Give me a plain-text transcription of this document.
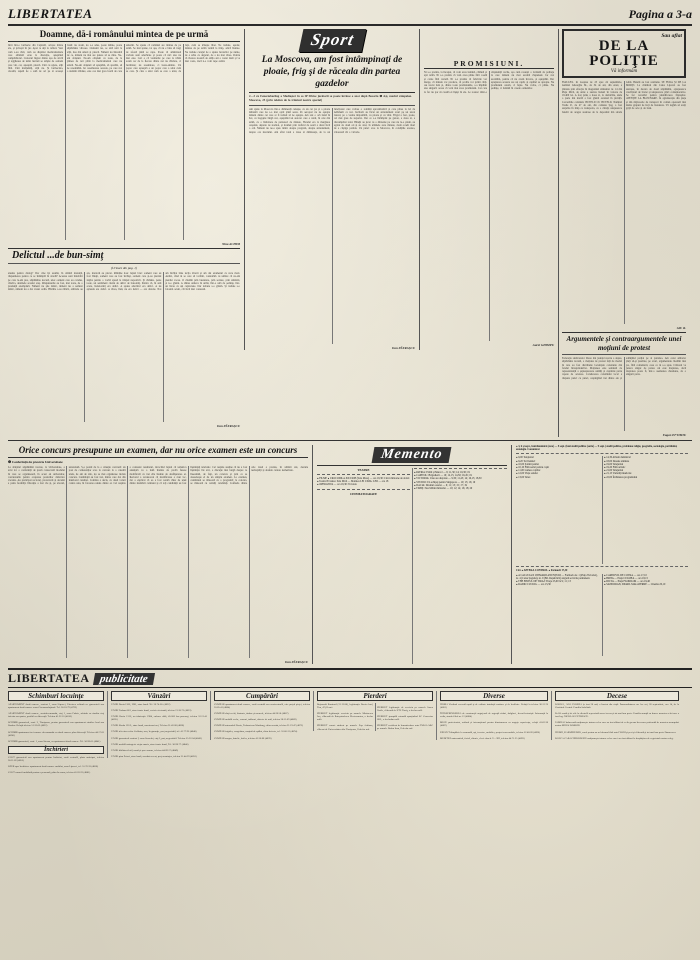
LIBERTATEA	Pagina a 3-a
Doamne, dă-i românului mintea de pe urmă
Intri într-o farmacie din Capitală, oricare dintre ele, şi priveşti în jur. Apoi te uiţi la rafturi. Vezi cum s-au rărit, cum au dispărut medicamentele care altădată erau la discreţie, aşteptând cumpărătorul. Culoarul îngust dintre uşa de sticlă şi tejgheaua de lemn lustruit se umple de oameni care vin, cer, aşteaptă, pleacă. Unii cu reţete, alţii fără. Unii mulţumiţi, alţii nu. Şi farmacista, obosită, repetă de o sută de ori pe zi aceeaşi frază: nu avem, nu s-a adus, poate mâine, poate săptămâna viitoare. Oamenii ies, se uită unii la alţii, dau din umeri şi pleacă. Nimeni nu întreabă de ce, nimeni nu mai are putere să se mire. Ne-am obişnuit. Ne-am obişnuit cu toate, de la pâinea de ieri până la medicamentul care nu există. Ne-am obişnuit să aşteptăm, să sperăm, să ne resemnăm. Iar resemnarea aceasta, pe care noi o numim răbdare, este cea mai grea boală de care suferim. Se spune că românul are mintea de pe urmă. Se mai spune, tot aşa, că nu e bine să tragi de sfoară până se rupe. Poate că amândouă vorbele sunt adevărate şi poate că nici una nu mai este. Cert e că vremurile pe care le trăim acum cer de la fiecare dintre noi nu răbdare, ci luciditate; nu resemnare, ci luare-aminte. Un popor care aşteaptă e un popor care a uitat cum se cere. Şi cine a uitat cum se cere a uitat, de fapt, cum se trăieşte liber. Ne trebuie, aşadar, mintea de pe urmă venită la timp, adică înainte. Ne trebuie curajul de a spune lucrurilor pe nume, de a arăta cu degetul, de a nu mai tăcea. Pentru că tăcerea noastră de atâţia ani a costat mult şi va mai costa, dacă n-o vom rupe astăzi.
Nina ACHIM
Delictul ...de bun-simţ
(Urmare din pag. 1)
anume pentru dialog? Dar cine îşi asumă, în ultimă instanţă, răspunderea pentru ce se întâmplă în stradă? Acestea sunt întrebări pe care le-am pus, săptămâna trecută, unor oameni care au condus, cândva, destinele acestui oraş. Răspunsurile au fost, mai toate, de o prudenţă exemplară. Nimeni nu ştie nimic, nimeni nu a semnat nimic, nimeni nu a dat vreun ordin. Hârtiile s-au rătăcit, arhivele au ars, martorii au plecat. Rămâne doar faptul brut: oameni care au fost bătuţi, oameni care au fost închişi, oameni care şi-au pierdut slujba pentru o vorbă spusă la timpul nepotrivit. Şi rămâne, peste toate, un sentiment ciudat de delict de bun-simţ. Pentru că, în anii aceia, bunul-simţ era delict. A spune adevărul era delict. A nu aplauda era delict. A tăcea, însă, nu era delict — era datorie. Noi am învăţat bine lecţia tăcerii şi am dat examenul cu note mari. Astăzi, când ni se cere să vorbim, constatăm cu uimire că ne-am pierdut vocea. O căutăm prin buzunare, prin sertare, prin amintiri, şi n-o găsim. A rămas undeva în urmă, într-o sală de şedinţe, într-un birou cu uşi capitonate. Dar trebuie s-o găsim. Şi trebuie s-o folosim acum, cât încă mai contează.
Dan PĂTRAŞCU
Sport
La Moscova, am fost întâmpinaţi de ploaie, frig şi de răceala din partea gazdelor
2—3 cu Feneciobazilag a Mediaşter în sa IP Divise jucătorii se poate învinse o snot după Bosaria ❶ Aşi, meciul câmpelon. Moscova, 25 (prin telefon de la trimisul nostru special)
Am ajuns la Moscova într-o dimineaţă cenuşie, cu un cer jos şi o ploaie măruntă care nu s-a mai oprit până seara. Pe aeroport nu ne aştepta nimeni dintre cei care ar fi trebuit să ne aştepte. Am stat o oră bună în hol, cu bagajele lângă noi, aşteptând un autocar care a venit, în cele din urmă, cu o întârziere de patruzeci de minute. Hotelul era la marginea oraşului, departe de stadion, şi drumul prin traficul de seară a durat încă o oră. Nimeni nu ne-a spus nimic despre program, despre antrenament, despre ora meciului. Am aflat totul a doua zi dimineaţa, de la un funcţionar care vorbea o română aproximativă şi care părea la fel de nelămurit ca noi. Jucătorii au făcut un antrenament scurt pe un teren lateral, pe o vreme imposibilă, cu ploaie şi cu vânt. Frigul a fost, poate, cel mai greu de suportat. Dar ce s-a întâmplat pe gazon, a doua zi, a răscumpărat totul. Băieţii au jucat cu o dârzenie pe care nu le-o ştiam, au egalat de două ori şi au avut, în ultimele zece minute, două ocazii mari de a câştiga partida. Un punct scos la Moscova, în condiţiile acestea, valorează cât o victorie.
Dan PĂTRAŞCU
PROMISIUNI.
Ni s-a promis, la început, că vom avea lumină, căldură şi apă caldă. Ni s-a promis că vom avea pâine fără coadă şi carne fără cartelă. Ni s-a promis că fabricile vor merge, că minele vor produce, că şcolile vor primi cărţi. Au trecut luni şi, dintre toate promisiunile, s-a împlinit una singură: aceea că vom mai avea promisiuni. Cei care le fac nu par să creadă ei înşişi în ele. Le rostesc dintr-o obişnuinţă veche, aşa cum rosteşti o formulă de politeţe la care nimeni nu mai ascultă răspunsul. Iar noi ascultăm, pentru că nu avem încotro, şi aşteptăm. Dar aşteptarea aceasta are un capăt, şi capătul se apropie. Nu promisiuni cerem, ci fapte. Nu vorbe, ci pâine. Nu şedinţe, ci lumină în casele oamenilor.
Aurel GHIMPU
Sau aflat
DE LA POLIŢIE
Vă informăm
FIAT-LEX. În noaptea de 23 spre 24 septembrie, numitul Gheorghe M., de 34 de ani, din Arad, a pătruns prin efracţie în magazinul alimentar nr. 14 din Piaţa Mică, de unde a sustras bunuri în valoare de 18.400 lei. A fost prins a doua zi, la domiciliu, unde o parte din marfă a fost găsită ascunsă în pivniţă. Cercetările continuă. BUTELII CU BUTELII. Numitul Vasile P., de 47 de ani, din comuna Şag, a fost surprins în timp ce transporta, cu o căruţă, unsprezece butelii de aragaz sustrase de la depozitul din strada Gării. Butelii au fost restituite. SE FURĂ ŞI DE LA MORŢI. La cimitirul din Calea Lipovei au fost sustrase, în decurs de două săptămâni, optsprezece crucifixuri de bronz şi unsprezece plăci comemorative. Se fac cercetări pentru identificarea făptaşilor. ATENŢIE LA BUZUNARE. În aglomeraţia din pieţe şi din mijloacele de transport în comun operează mai multe grupuri de hoţi de buzunare. Vă rugăm să aveţi grijă de acte şi de bani.
GH. R.
Argumentele şi contraargumentele unei moţiuni de protest
Federaţia sindicatelor libere din judeţul nostru a depus, săptămâna trecută, o moţiune de protest faţă de modul în care au fost distribuite locuinţele construite din fondul întreprinderilor. Moţiunea este semnată de reprezentanţii a şaptesprezece unităţi şi cuprinde patru capete de acuzare. Conducerea consiliului local a răspuns punct cu punct, respingând trei dintre ele şi admiţând parţial pe al patrulea. Am cerut ambelor părţi să-şi prezinte, pe scurt, argumentele. Redăm mai jos, fără comentarii, ceea ce ni s-a spus. Cititorul va judeca singur de partea cui este dreptatea, dacă dreptatea poate fi, într-o asemenea chestiune, de o singură parte.
Eugen EFTIMIU
Orice concurs presupune un examen, dar nu orice examen este un concurs
❶ Conferinţă de presă la Universitate
La sfârşitul săptămânii trecute, la Universitate, a avut loc o conferinţă de presă consacrată modului în care se organizează, în acest an universitar, concursurile pentru ocuparea posturilor didactice vacante. Au participat rectorul, prorectorii şi decanii a patru facultăţi. Discuţia a fost vie şi, pe alocuri, tensionată. S-a pornit de la o situaţie concretă: un post de conferenţiar scos la concurs la o catedră unde, de ani de zile, nu se mai organizase niciun concurs. Candidaţii au fost trei, dintre care doi din interiorul catedrei. Comisia a decis, cu două voturi contra unu, în favoarea unuia dintre ei. Cel respins a contestat rezultatul, invocând faptul că tematica anunţată cu o lună înainte de probă fusese modificată cu trei zile înainte de desfăşurarea ei. Rectorul a recunoscut că modificarea a avut loc, dar a explicat că ea a fost cerută chiar de unul dintre membrii comisiei şi că toţi candidaţii au fost înştiinţaţi telefonic. Cel respins susţine că nu a fost înştiinţat. De aici, o discuţie mai lungă despre ce înseamnă, de fapt, un concurs şi prin ce se deosebeşte el de un simplu examen. La examen, candidatul se măsoară cu o programă; la concurs, se măsoară cu ceilalţi candidaţi. Confuzia dintre cele două a produs, în ultimii ani, destule nedreptăţi şi destule cariere nemeritate.
Dan PĂTRAŞCU
Memento
TEATRE
● FILME ● CROCODILA JOCURIE (Sala Mare) — ora 19,30: Cinci milioane de dolari
● Teatrul Ecranas: Sala Mică — Matinea LEI CIMA: LEII — ora 18
● OPERATIVA — ora 19,30: Traviata
CINEMATOGRAFE
● PATRIA: Edith şi Marcel — 9; 11,30; 14; 16,30; 19
● CAPITOL: Brigadierii — 10; 12,15; 14,30; 16,45; 19
● VICTORIA: Cine are dreptate — 9,30; 11,45; 14; 16,15; 18,30
● STUDIO: Un echipaj pentru Singapore — 10; 13; 16; 19
● DACIA: Drumul oaselor — 9; 11; 13; 15; 17; 19
● TIMIŞ: Nea Mărin miliardar — 10; 12; 14; 16; 18; 20
● 3, 6 şi sept., luni/duminică (zece) — 9 sept. (luni studii politice (serie) — 9 sept.) studii politice, probleme religie, geografie, sociologie, partidului, antologie. Comunicat
● 9,00 Telejurnal
● 9,20 Tot înainte!
● 10,00 Şoimii patriei
● 10,10 Film serial pentru copii
● 11,00 Lumea copiilor
● 12,00 Viaţa satului
● 13,00 Telex
● 14,30 Album duminical
● 18,00 Desene animate
● 19,00 Telejurnal
● 19,20 Film artistic
● 21,00 Telejurnal
● 21,15 Varietăţi muzicale
● 22,00 Închiderea programului
Circ ● APTEKA CONTROL ● Farmacii 17,30
● A CALUCIA II OTIMĂRII ANUNŢURI — Farmacia nr. 1 (Piaţa Victoriei), nr. 4 (Calea Şagului), nr. 9 (Bd. Republicii) asigură serviciu permanent.
● THE BISTUL DE TIRAJ: Tiraje 23,00 la 9; 11; 13
● RADIO CUCIOG — ora 13,30
● CARNOVIL DE COTRĂ — ora 17,10
● BRITA — Piaţa CULMEA — ora 18,15
● DICTA — Piaţa FLORILOR — ora 19,40
● SANDORAN, DIGRIL MALATERRE — Cinema 20,10
LIBERTATEA publicitate
Schimburi locuinţe
APARTAMENT două camere, confort I, zona Lipovei, Efectuez schimb cu garsonieră sau apartament două camere zona Circumvalaţiunii. Tel. 36.18.79 (4793)
APARTAMENT două camere, semidecomandat, etaj 1, zona Fabric, schimb cu similar etaj inferior sau parter, posibil cu diferenţă. Telefon 41.22.10 (4810)
SCHIMB garsonieră, conf. 2, Timişoara, pentru garsonieră sau apartament similar Arad sau Oradea. Relaţii telefon 51.33.62 (4822)
SCHIMB apartament trei camere decomandat cu două camere plus diferenţă. Telefon 44.17.05 (4836)
SCHIMB garsonieră, conf. 1, zona Steaua, cu apartament două camere. Tel. 56.90.61 (4841)
Închirieri
CAUT garsonieră sau apartament pentru închiriat, zonă centrală, plata anticipat, telefon 36.11.82 (4855)
OFER spre închiriere apartament două camere mobilat, zona Lipovei, tel. 51.70.33 (4858)
CAUT cameră mobilată pentru o persoană, plata în avans, telefon 41.03.22 (4861)
Vânzări
VÂND Dacia 1300, 1981, stare bună. Tel. 30.74.56. (4832)
VÂND Trabant 601, stare foarte bună, revizie efectuată, telefon 21.18.73 (4833)
VÂND Dacia 1310, an fabricaţie 1984, culoare albă, 45.000 km parcurşi, telefon 52.21.41 (4835)
VÂND Skoda 120 L, stare bună, cauciucuri noi, Telefon 31.42.08 (4838)
VÂND televizor color Goldstar, nou, în garanţie, preţ negociabil, tel. 41.77.90 (4840)
VÂND garsonieră confort I, zona Soarelui, etaj 3, preţ negociabil. Telefon 55.32.04 (4843)
VÂND mobilă sufragerie stejar masiv, stare foarte bună, Tel. 36.98.77 (4846)
VÂND bibliotecă stil, masă şi şase scaune, telefon 44.09.17 (4849)
VÂND pian Petrof, stare bună, acordat recent, preţ avantajos, telefon 21.44.39 (4852)
Cumpărări
CUMPĂR apartament două camere, zonă centrală sau semicentrală, ofer preţul pieţei, telefon 30.85.41 (4864)
CUMPĂR cărţi vechi, ilustrate, timbre şi monede, telefon 44.28.56 (4867)
CUMPĂR mobilă veche, ceasuri, tablouri, obiecte de artă, telefon 36.55.09 (4869)
CUMPĂR automobil Dacia, Trabant sau Wartburg, chiar avariat, telefon 21.19.47 (4872)
CUMPĂR frigider, congelator, maşină de spălat, chiar defecte, tel. 52.60.12 (4874)
CUMPĂR aragaz, butelie, boiler, telefon 41.30.88 (4876)
Pierderi
Bujanschi Ramincă (13.12.86), legitimaţie Dacia Arad, Tim, 47,62 mei.
PIERDUT legitimaţie serviciu pe numele Marinescu Ion, eliberată de Întreprinderea Electromotor, o declar nulă.
PIERDUT carnet student pe numele Pop Adriana, eliberat de Universitatea din Timişoara, îl declar nul.
PIERDUT legitimaţie de serviciu pe numele Iancu Vasile, eliberată de IJTL Timiş, o declar nulă.
PIERDUT ştampilă rotundă aparţinând SC Comexim SRL, o declarăm nulă.
PIERDUT certificat de înmatriculare auto TM-01-ABC pe numele Barbu Ioan, îl declar nul.
Diverse
FIRMA Vicdinal execută rapid şi de calitate instalaţii sanitare şi de încălzire. Relaţii la telefon 36.12.76 (4881)
ÎNTREPRINDEREA de construcţii angajează de urgenţă zidari, dulgheri, fierari-betonişti. Informaţii la sediu, strada Gării nr. 12 (4884)
MECE profesionist, ordinul şi internaţional pentru dinstaurarea cu angaja experienţa, relaţii 41.62.38 (4887)
EXECUT tâmplărie la comandă, uşi, ferestre, mobilier, preţuri convenabile, telefon 52.48.09 (4890)
MEDITEZ matematică, fizică, chimie, elevi clasele V—XII, telefon 44.71.25 (4893)
Decese
LORICA, ANA FLOREA (a fost 26 ani) a încetat din viaţă. Înmormântarea are loc azi, 26 septembrie, ora 14, de la Cimitirul Central. Familia îndoliată.
B-AO acută şi de zile la clientelă reprezintă scuze invers şi tot mai bun peste. Familia anunţă cu durere moartea celui care a fost Ing. NICOLAE PETRESCU.
FAMILIA îndurerată mulţumeşte tuturor celor care au fost alături de ea în greaua încercare pricinuită de moartea scumpului nostru MIHAI DOBRIN.
FIUMII, KARMINEDER, carol pentru un rol demnul fără asta FLORI şi peri şi eliberată şi tot mai bun peste Dumnezeu.
BANCA CARACHEDONGHE mulţumeşte tuturor celor care i-au fost alături la despărţirea de regretatul nostru coleg.
